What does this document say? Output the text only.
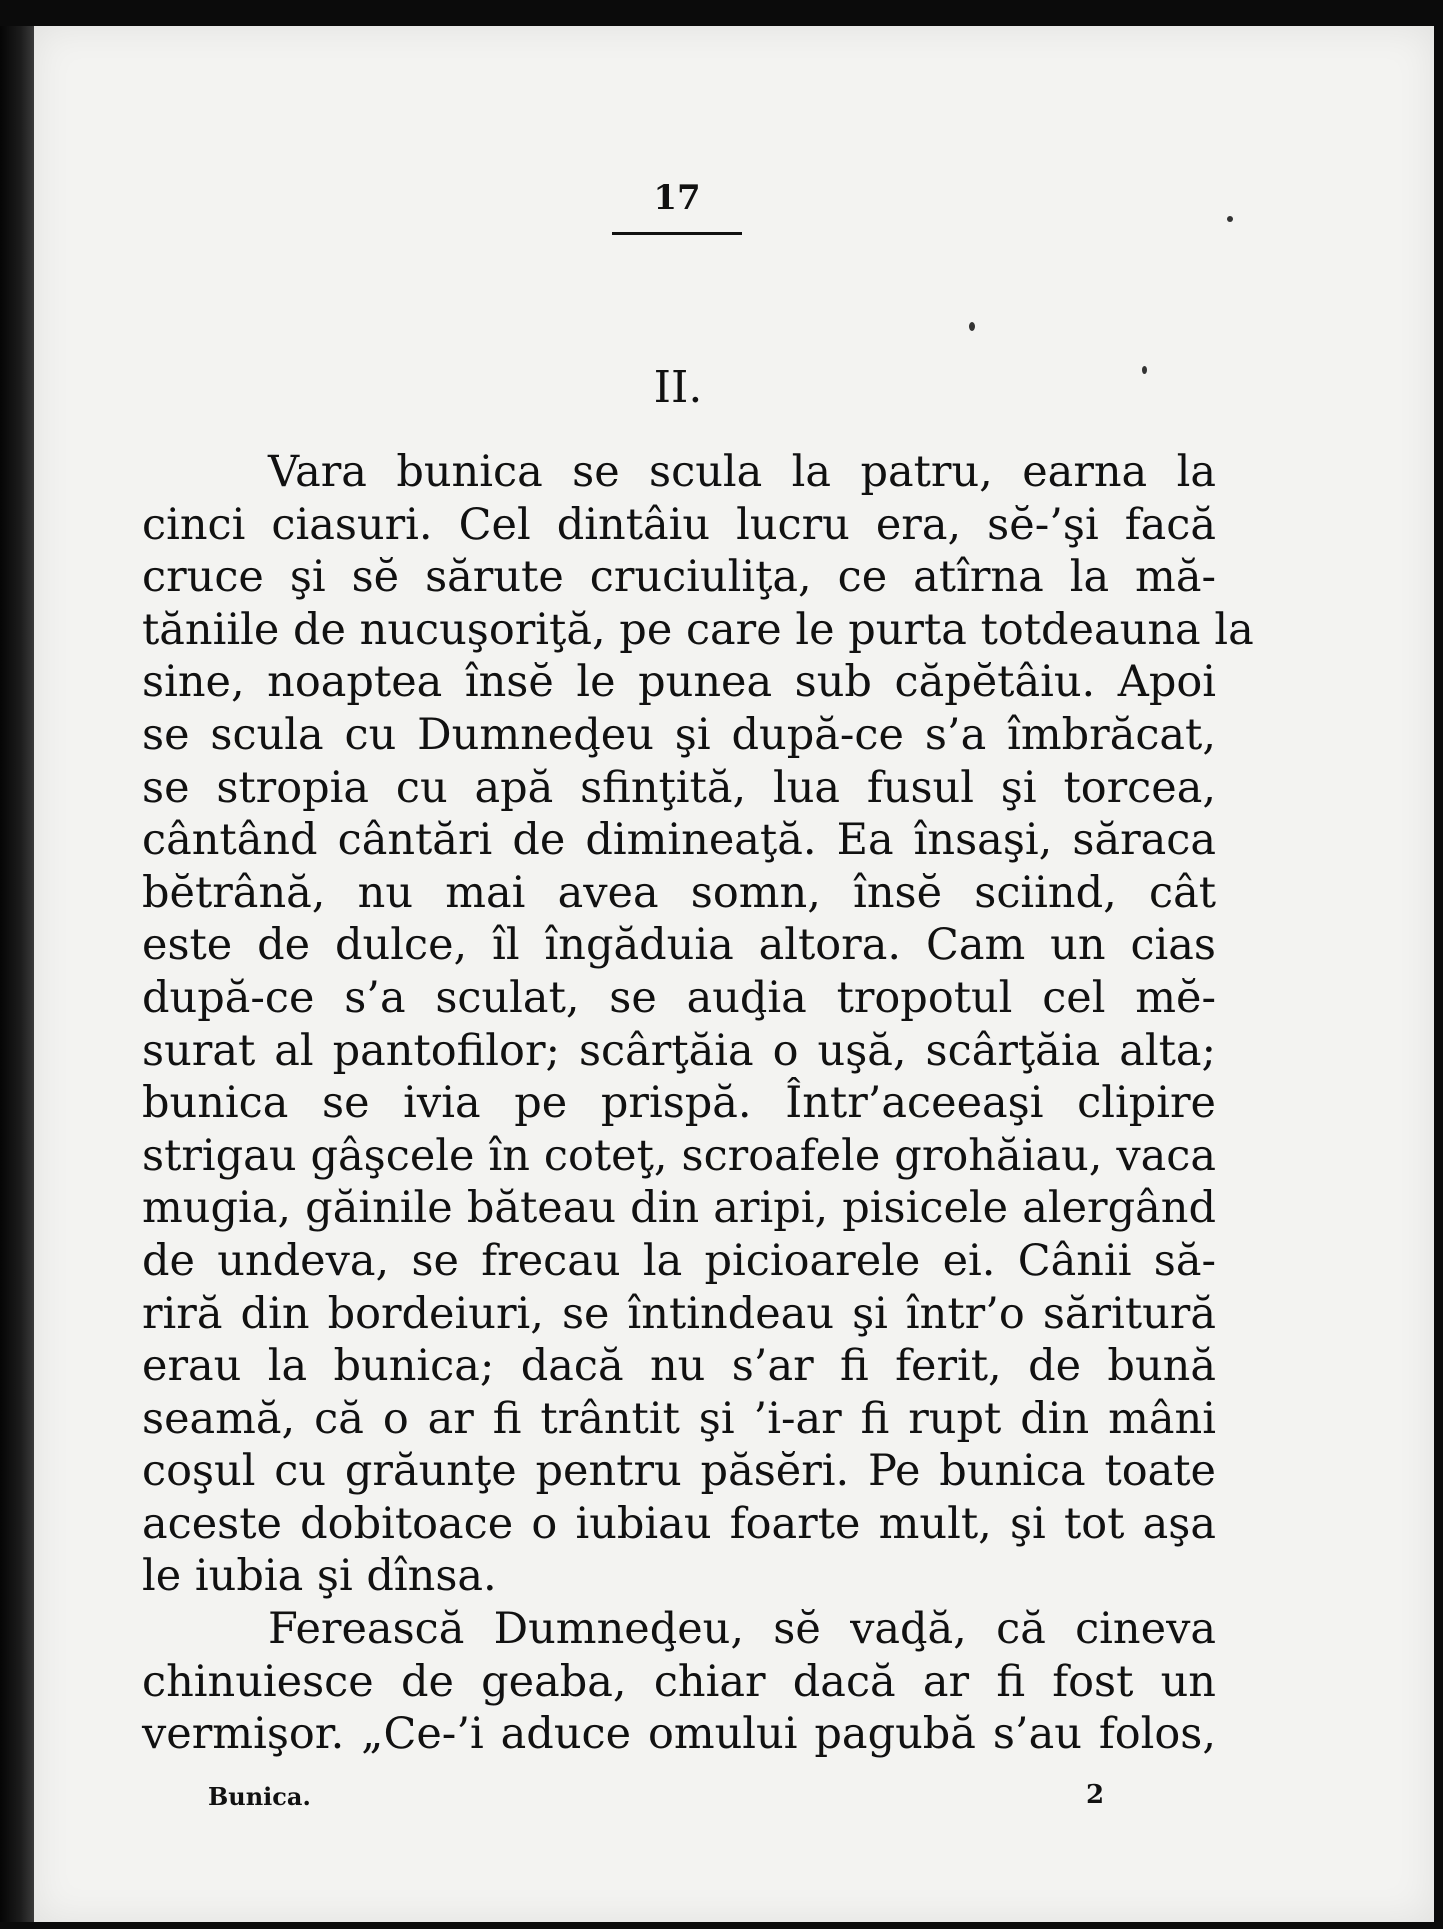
17
II.
Vara bunica se scula la patru, earna la
cinci ciasuri. Cel dintâiu lucru era, sĕ-’şi facă
cruce şi sĕ sărute cruciuliţa, ce atîrna la mă-
tăniile de nucuşoriţă, pe care le purta totdeauna la
sine, noaptea însĕ le punea sub căpĕtâiu. Apoi
se scula cu Dumneḑeu şi după-ce s’a îmbrăcat,
se stropia cu apă sfinţită, lua fusul şi torcea,
cântând cântări de dimineaţă. Ea însaşi, săraca
bĕtrână, nu mai avea somn, însĕ sciind, cât
este de dulce, îl îngăduia altora. Cam un cias
după-ce s’a sculat, se auḑia tropotul cel mĕ-
surat al pantofilor; scârţăia o uşă, scârţăia alta;
bunica se ivia pe prispă. Într’aceeaşi clipire
strigau gâşcele în coteţ, scroafele grohăiau, vaca
mugia, găinile băteau din aripi, pisicele alergând
de undeva, se frecau la picioarele ei. Cânii să-
riră din bordeiuri, se întindeau şi într’o săritură
erau la bunica; dacă nu s’ar fi ferit, de bună
seamă, că o ar fi trântit şi ’i-ar fi rupt din mâni
coşul cu grăunţe pentru păsĕri. Pe bunica toate
aceste dobitoace o iubiau foarte mult, şi tot aşa
le iubia şi dînsa.
Ferească Dumneḑeu, sĕ vaḑă, că cineva
chinuiesce de geaba, chiar dacă ar fi fost un
vermişor. „Ce-’i aduce omului pagubă s’au folos,
Bunica.	2
